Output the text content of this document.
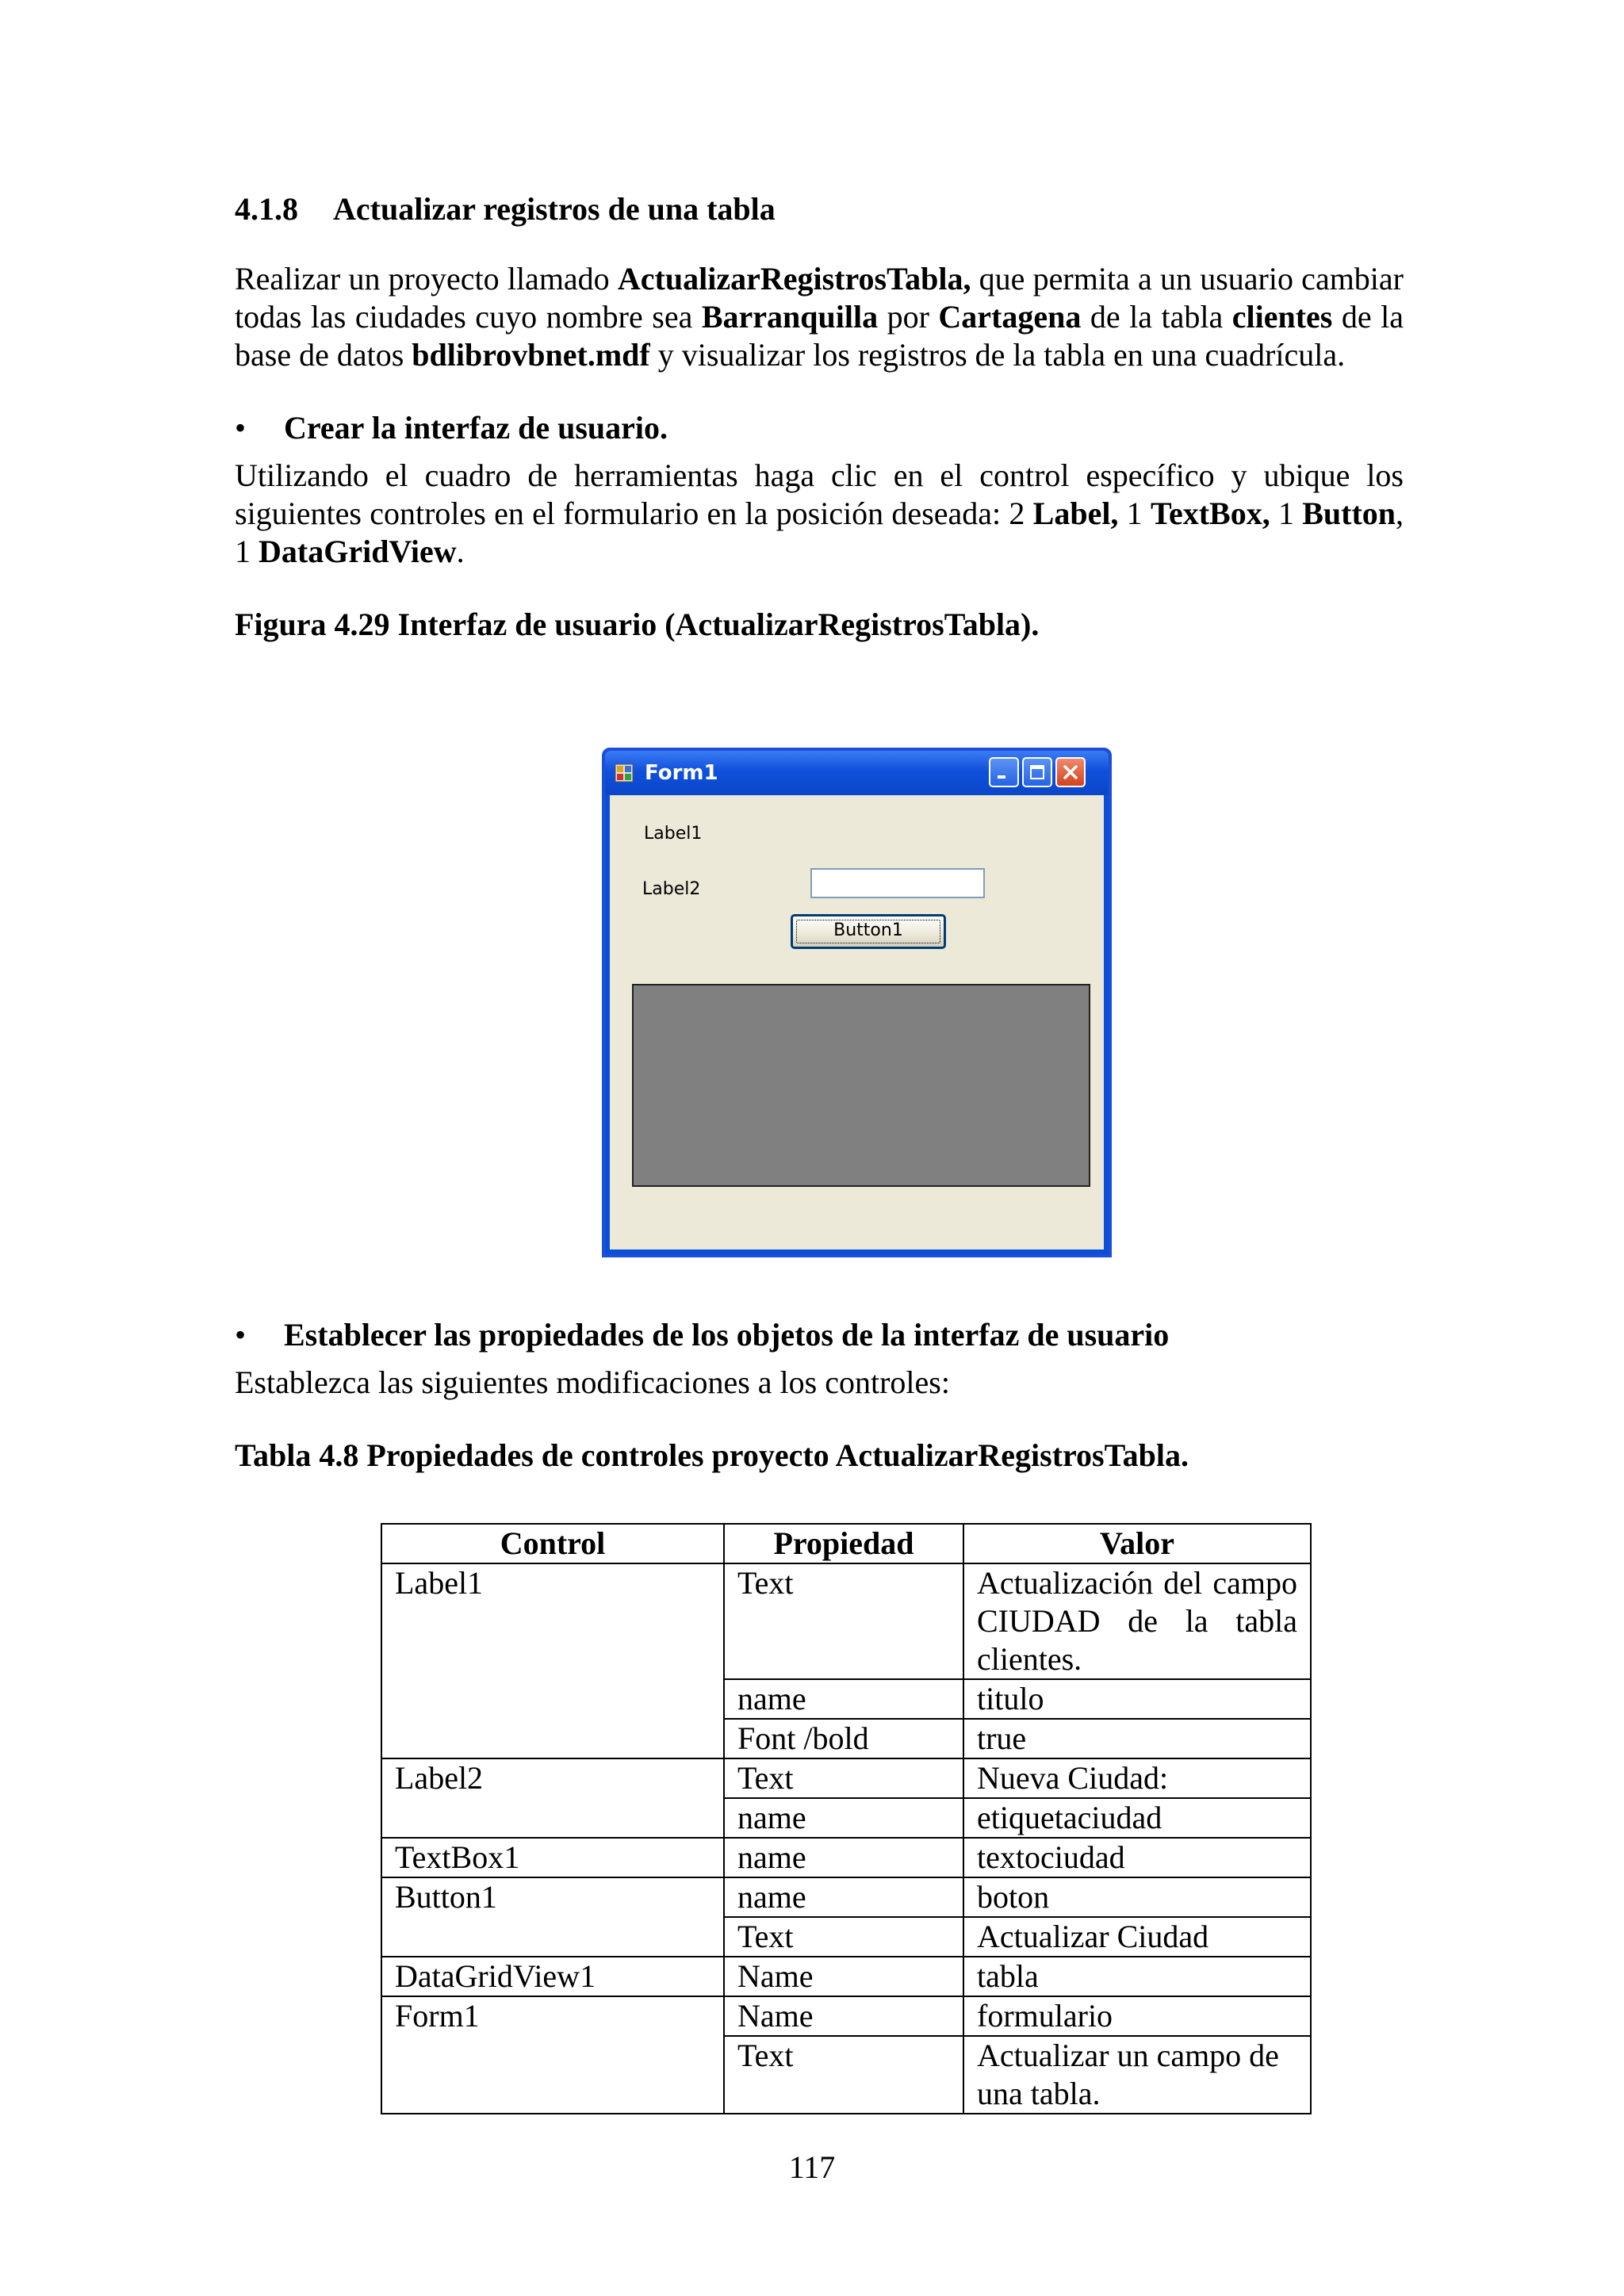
4.1.8 Actualizar registros de una tabla

Realizar un proyecto llamado ActualizarRegistrosTabla, que permita a un usuario cambiar todas las ciudades cuyo nombre sea Barranquilla por Cartagena de la tabla clientes de la base de datos bdlibrovbnet.mdf y visualizar los registros de la tabla en una cuadrícula.

•	Crear la interfaz de usuario.

Utilizando el cuadro de herramientas haga clic en el control específico y ubique los siguientes controles en el formulario en la posición deseada: 2 Label, 1 TextBox, 1 Button, 1 DataGridView.

Figura 4.29 Interfaz de usuario (ActualizarRegistrosTabla).

Form1
Label1
Label2
Button1

•	Establecer las propiedades de los objetos de la interfaz de usuario

Establezca las siguientes modificaciones a los controles:

Tabla 4.8 Propiedades de controles proyecto ActualizarRegistrosTabla.

Control	Propiedad	Valor
Label1	Text	Actualización del campo CIUDAD de la tabla clientes.
	name	titulo
	Font /bold	true
Label2	Text	Nueva Ciudad:
	name	etiquetaciudad
TextBox1	name	textociudad
Button1	name	boton
	Text	Actualizar Ciudad
DataGridView1	Name	tabla
Form1	Name	formulario
	Text	Actualizar un campo de una tabla.
117
